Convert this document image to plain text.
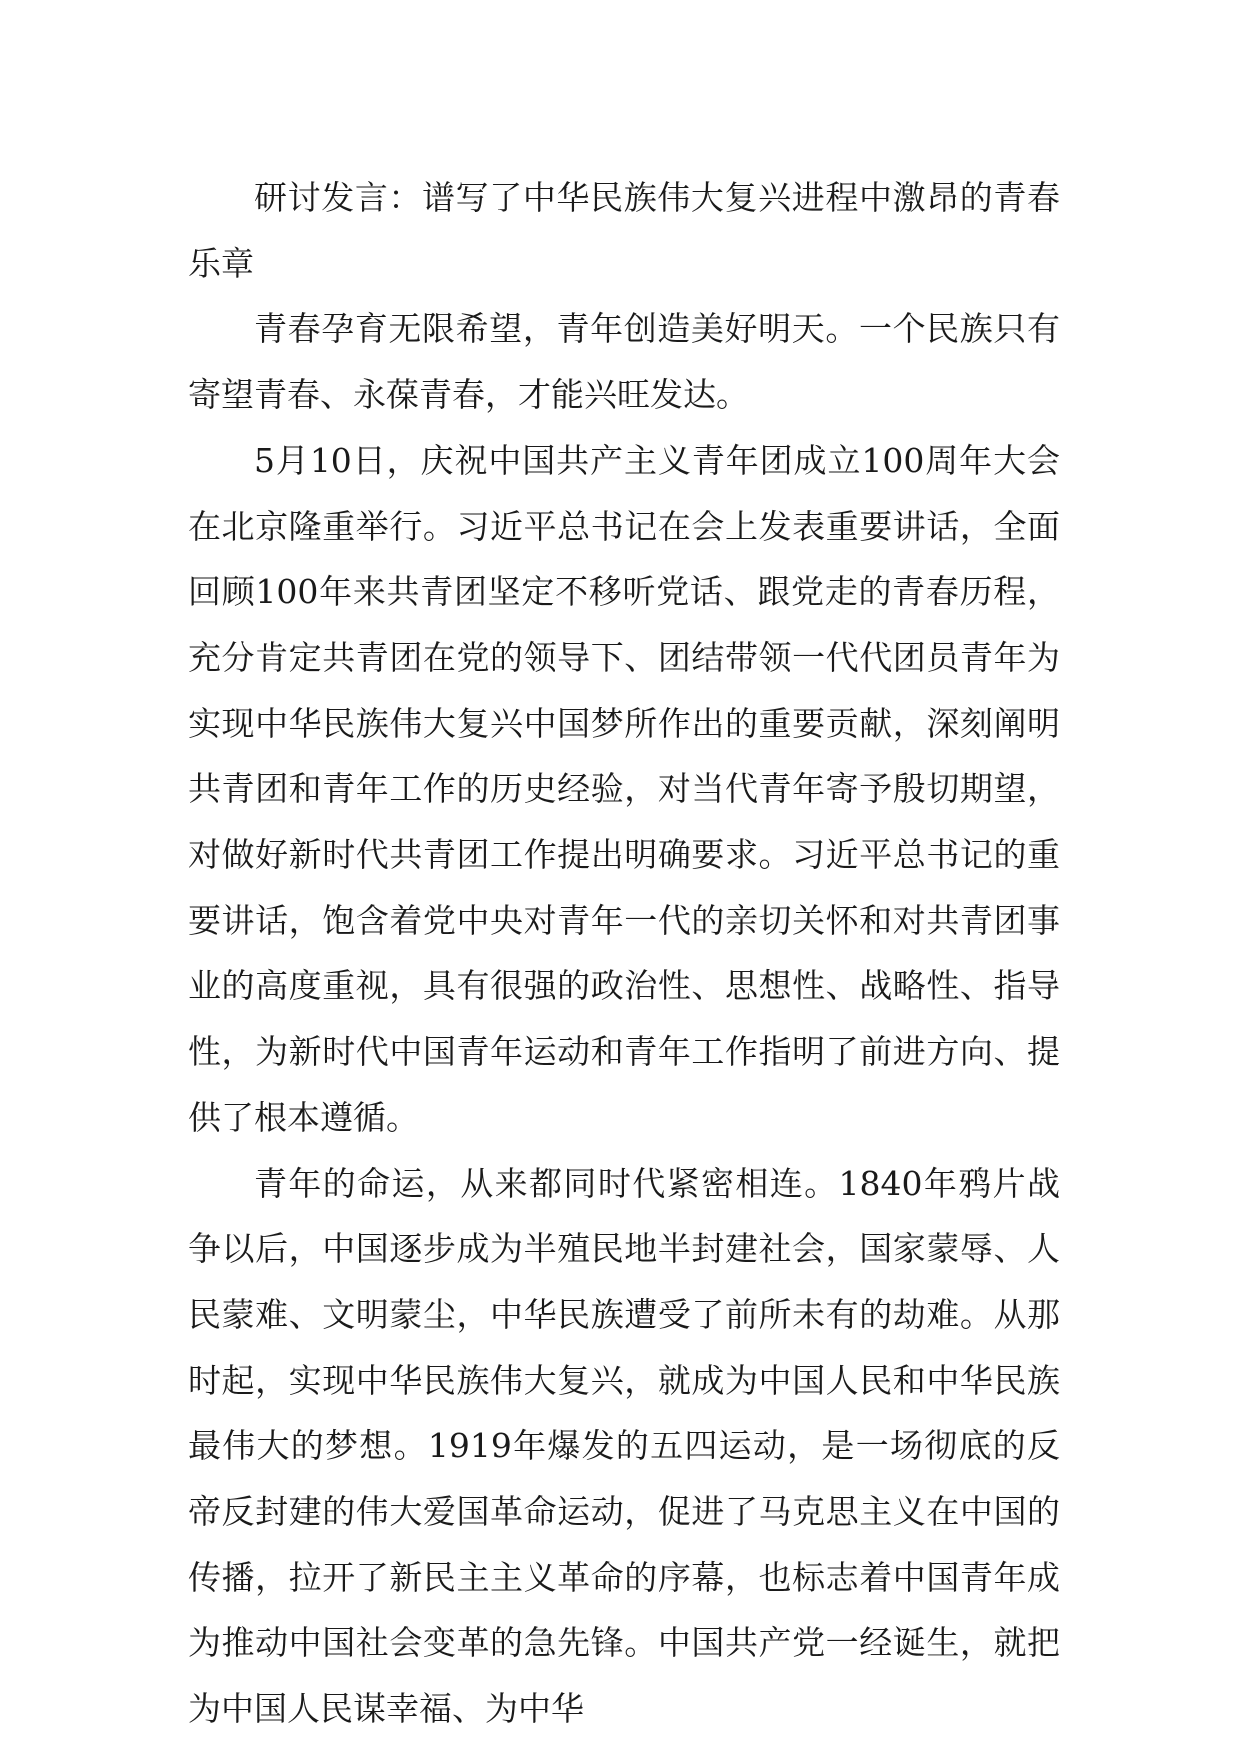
研讨发言：谱写了中华民族伟大复兴进程中激昂的青春乐章

青春孕育无限希望，青年创造美好明天。一个民族只有寄望青春、永葆青春，才能兴旺发达。

5月10日，庆祝中国共产主义青年团成立100周年大会在北京隆重举行。习近平总书记在会上发表重要讲话，全面回顾100年来共青团坚定不移听党话、跟党走的青春历程，充分肯定共青团在党的领导下、团结带领一代代团员青年为实现中华民族伟大复兴中国梦所作出的重要贡献，深刻阐明共青团和青年工作的历史经验，对当代青年寄予殷切期望，对做好新时代共青团工作提出明确要求。习近平总书记的重要讲话，饱含着党中央对青年一代的亲切关怀和对共青团事业的高度重视，具有很强的政治性、思想性、战略性、指导性，为新时代中国青年运动和青年工作指明了前进方向、提供了根本遵循。

青年的命运，从来都同时代紧密相连。1840年鸦片战争以后，中国逐步成为半殖民地半封建社会，国家蒙辱、人民蒙难、文明蒙尘，中华民族遭受了前所未有的劫难。从那时起，实现中华民族伟大复兴，就成为中国人民和中华民族最伟大的梦想。1919年爆发的五四运动，是一场彻底的反帝反封建的伟大爱国革命运动，促进了马克思主义在中国的传播，拉开了新民主主义革命的序幕，也标志着中国青年成为推动中国社会变革的急先锋。中国共产党一经诞生，就把为中国人民谋幸福、为中华
